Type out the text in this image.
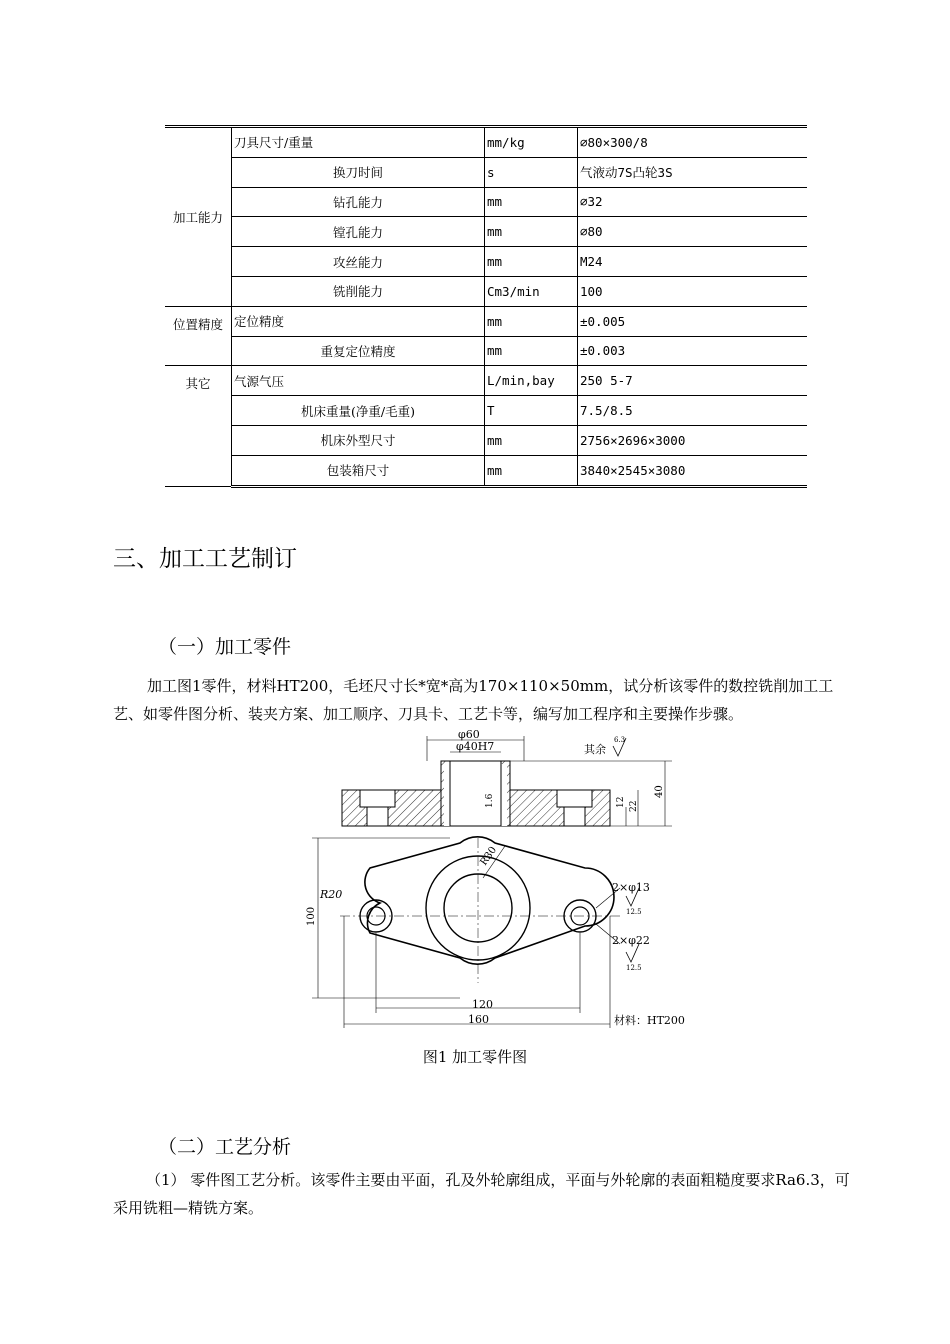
加工能力	刀具尺寸/重量	mm/kg	∅80×300/8
	换刀时间	s	气液动7S凸轮3S
	钻孔能力	mm	∅32
	镗孔能力	mm	∅80
	攻丝能力	mm	M24
	铣削能力	Cm3/min	100
位置精度	定位精度	mm	±0.005
	重复定位精度	mm	±0.003
其它	气源气压	L/min,bay	250 5-7
	机床重量(净重/毛重)	T	7.5/8.5
	机床外型尺寸	mm	2756×2696×3000
	包装箱尺寸	mm	3840×2545×3080
三、加工工艺制订
（一）加工零件
加工图1零件，材料HT200，毛坯尺寸长*宽*高为170×110×50mm，试分析该零件的数控铣削加工工艺、如零件图分析、装夹方案、加工顺序、刀具卡、工艺卡等，编写加工程序和主要操作步骤。
φ60
φ40H7	其余
6.3
1.6	12 22
40
R30
R20
100
2×φ13
2×φ22
12.5
12.5
120
160	材料：HT200
图1 加工零件图
（二）工艺分析
（1） 零件图工艺分析。该零件主要由平面，孔及外轮廓组成，平面与外轮廓的表面粗糙度要求Ra6.3，可采用铣粗—精铣方案。
